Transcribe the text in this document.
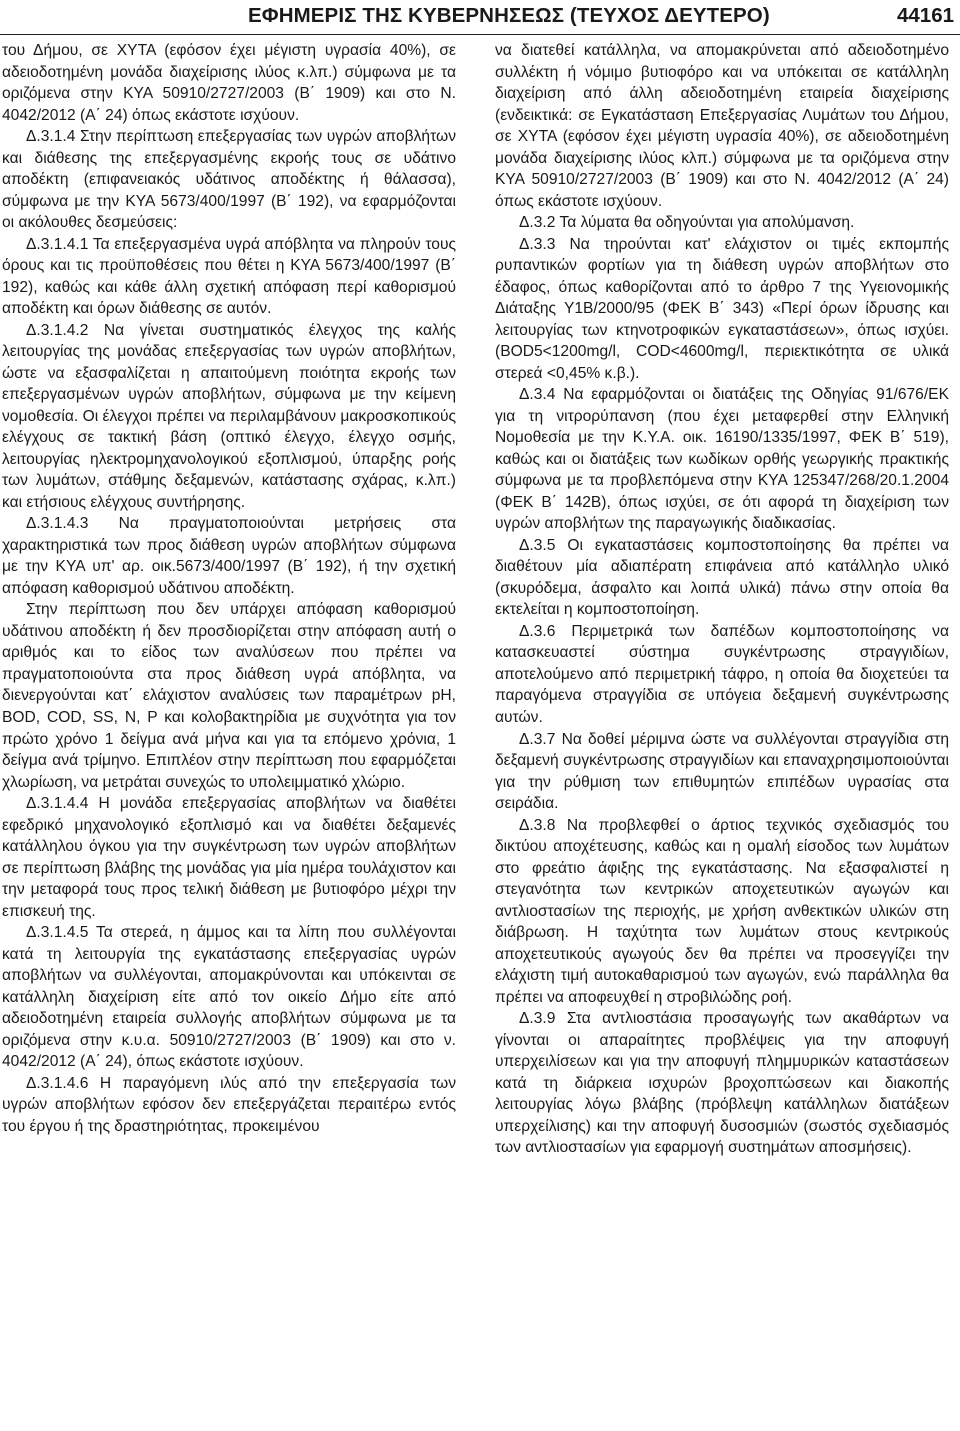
ΕΦΗΜΕΡΙΣ ΤΗΣ ΚΥΒΕΡΝΗΣΕΩΣ (ΤΕΥΧΟΣ ΔΕΥΤΕΡΟ)	44161

του Δήμου, σε ΧΥΤΑ (εφόσον έχει μέγιστη υγρασία 40%), σε αδειοδοτημένη μονάδα διαχείρισης ιλύος κ.λπ.) σύμφωνα με τα οριζόμενα στην ΚΥΑ 50910/2727/2003 (Β΄ 1909) και στο Ν. 4042/2012 (Α΄ 24) όπως εκάστοτε ισχύουν.

Δ.3.1.4 Στην περίπτωση επεξεργασίας των υγρών αποβλήτων και διάθεσης της επεξεργασμένης εκροής τους σε υδάτινο αποδέκτη (επιφανειακός υδάτινος αποδέκτης ή θάλασσα), σύμφωνα με την ΚΥΑ 5673/400/1997 (Β΄ 192), να εφαρμόζονται οι ακόλουθες δεσμεύσεις:

Δ.3.1.4.1 Τα επεξεργασμένα υγρά απόβλητα να πληρούν τους όρους και τις προϋποθέσεις που θέτει η ΚΥΑ 5673/400/1997 (Β΄ 192), καθώς και κάθε άλλη σχετική απόφαση περί καθορισμού αποδέκτη και όρων διάθεσης σε αυτόν.

Δ.3.1.4.2 Να γίνεται συστηματικός έλεγχος της καλής λειτουργίας της μονάδας επεξεργασίας των υγρών αποβλήτων, ώστε να εξασφαλίζεται η απαιτούμενη ποιότητα εκροής των επεξεργασμένων υγρών αποβλήτων, σύμφωνα με την κείμενη νομοθεσία. Οι έλεγχοι πρέπει να περιλαμβάνουν μακροσκοπικούς ελέγχους σε τακτική βάση (οπτικό έλεγχο, έλεγχο οσμής, λειτουργίας ηλεκτρομηχανολογικού εξοπλισμού, ύπαρξης ροής των λυμάτων, στάθμης δεξαμενών, κατάστασης σχάρας, κ.λπ.) και ετήσιους ελέγχους συντήρησης.

Δ.3.1.4.3 Να πραγματοποιούνται μετρήσεις στα χαρακτηριστικά των προς διάθεση υγρών αποβλήτων σύμφωνα με την ΚΥΑ υπ' αρ. οικ.5673/400/1997 (Β΄ 192), ή την σχετική απόφαση καθορισμού υδάτινου αποδέκτη.

Στην περίπτωση που δεν υπάρχει απόφαση καθορισμού υδάτινου αποδέκτη ή δεν προσδιορίζεται στην απόφαση αυτή ο αριθμός και το είδος των αναλύσεων που πρέπει να πραγματοποιούντα στα προς διάθεση υγρά απόβλητα, να διενεργούνται κατ΄ ελάχιστον αναλύσεις των παραμέτρων pH, BOD, COD, SS, N, P και κολοβακτηρίδια με συχνότητα για τον πρώτο χρόνο 1 δείγμα ανά μήνα και για τα επόμενο χρόνια, 1 δείγμα ανά τρίμηνο. Επιπλέον στην περίπτωση που εφαρμόζεται χλωρίωση, να μετράται συνεχώς το υπολειμματικό χλώριο.

Δ.3.1.4.4 Η μονάδα επεξεργασίας αποβλήτων να διαθέτει εφεδρικό μηχανολογικό εξοπλισμό και να διαθέτει δεξαμενές κατάλληλου όγκου για την συγκέντρωση των υγρών αποβλήτων σε περίπτωση βλάβης της μονάδας για μία ημέρα τουλάχιστον και την μεταφορά τους προς τελική διάθεση με βυτιοφόρο μέχρι την επισκευή της.

Δ.3.1.4.5 Τα στερεά, η άμμος και τα λίπη που συλλέγονται κατά τη λειτουργία της εγκατάστασης επεξεργασίας υγρών αποβλήτων να συλλέγονται, απομακρύνονται και υπόκεινται σε κατάλληλη διαχείριση είτε από τον οικείο Δήμο είτε από αδειοδοτημένη εταιρεία συλλογής αποβλήτων σύμφωνα με τα οριζόμενα στην κ.υ.α. 50910/2727/2003 (Β΄ 1909) και στο ν. 4042/2012 (Α΄ 24), όπως εκάστοτε ισχύουν.

Δ.3.1.4.6 Η παραγόμενη ιλύς από την επεξεργασία των υγρών αποβλήτων εφόσον δεν επεξεργάζεται περαιτέρω εντός του έργου ή της δραστηριότητας, προκειμένου

να διατεθεί κατάλληλα, να απομακρύνεται από αδειοδοτημένο συλλέκτη ή νόμιμο βυτιοφόρο και να υπόκειται σε κατάλληλη διαχείριση από άλλη αδειοδοτημένη εταιρεία διαχείρισης (ενδεικτικά: σε Εγκατάσταση Επεξεργασίας Λυμάτων του Δήμου, σε ΧΥΤΑ (εφόσον έχει μέγιστη υγρασία 40%), σε αδειοδοτημένη μονάδα διαχείρισης ιλύος κλπ.) σύμφωνα με τα οριζόμενα στην ΚΥΑ 50910/2727/2003 (Β΄ 1909) και στο Ν. 4042/2012 (Α΄ 24) όπως εκάστοτε ισχύουν.

Δ.3.2 Τα λύματα θα οδηγούνται για απολύμανση.

Δ.3.3 Να τηρούνται κατ' ελάχιστον οι τιμές εκπομπής ρυπαντικών φορτίων για τη διάθεση υγρών αποβλήτων στο έδαφος, όπως καθορίζονται από το άρθρο 7 της Υγειονομικής Διάταξης Υ1Β/2000/95 (ΦΕΚ Β΄ 343) «Περί όρων ίδρυσης και λειτουργίας των κτηνοτροφικών εγκαταστάσεων», όπως ισχύει. (BOD5<1200mg/l, COD<4600mg/l, περιεκτικότητα σε υλικά στερεά <0,45% κ.β.).

Δ.3.4 Να εφαρμόζονται οι διατάξεις της Οδηγίας 91/676/ΕΚ για τη νιτρορύπανση (που έχει μεταφερθεί στην Ελληνική Νομοθεσία με την Κ.Υ.Α. οικ. 16190/1335/1997, ΦΕΚ Β΄ 519), καθώς και οι διατάξεις των κωδίκων ορθής γεωργικής πρακτικής σύμφωνα με τα προβλεπόμενα στην ΚΥΑ 125347/268/20.1.2004 (ΦΕΚ Β΄ 142Β), όπως ισχύει, σε ότι αφορά τη διαχείριση των υγρών αποβλήτων της παραγωγικής διαδικασίας.

Δ.3.5 Οι εγκαταστάσεις κομποστοποίησης θα πρέπει να διαθέτουν μία αδιαπέρατη επιφάνεια από κατάλληλο υλικό (σκυρόδεμα, άσφαλτο και λοιπά υλικά) πάνω στην οποία θα εκτελείται η κομποστοποίηση.

Δ.3.6 Περιμετρικά των δαπέδων κομποστοποίησης να κατασκευαστεί σύστημα συγκέντρωσης στραγγιδίων, αποτελούμενο από περιμετρική τάφρο, η οποία θα διοχετεύει τα παραγόμενα στραγγίδια σε υπόγεια δεξαμενή συγκέντρωσης αυτών.

Δ.3.7 Να δοθεί μέριμνα ώστε να συλλέγονται στραγγίδια στη δεξαμενή συγκέντρωσης στραγγιδίων και επαναχρησιμοποιούνται για την ρύθμιση των επιθυμητών επιπέδων υγρασίας στα σειράδια.

Δ.3.8 Να προβλεφθεί ο άρτιος τεχνικός σχεδιασμός του δικτύου αποχέτευσης, καθώς και η ομαλή είσοδος των λυμάτων στο φρεάτιο άφιξης της εγκατάστασης. Να εξασφαλιστεί η στεγανότητα των κεντρικών αποχετευτικών αγωγών και αντλιοστασίων της περιοχής, με χρήση ανθεκτικών υλικών στη διάβρωση. Η ταχύτητα των λυμάτων στους κεντρικούς αποχετευτικούς αγωγούς δεν θα πρέπει να προσεγγίζει την ελάχιστη τιμή αυτοκαθαρισμού των αγωγών, ενώ παράλληλα θα πρέπει να αποφευχθεί η στροβιλώδης ροή.

Δ.3.9 Στα αντλιοστάσια προσαγωγής των ακαθάρτων να γίνονται οι απαραίτητες προβλέψεις για την αποφυγή υπερχειλίσεων και για την αποφυγή πλημμυρικών καταστάσεων κατά τη διάρκεια ισχυρών βροχοπτώσεων και διακοπής λειτουργίας λόγω βλάβης (πρόβλεψη κατάλληλων διατάξεων υπερχείλισης) και την αποφυγή δυσοσμιών (σωστός σχεδιασμός των αντλιοστασίων για εφαρμογή συστημάτων αποσμήσεις).
